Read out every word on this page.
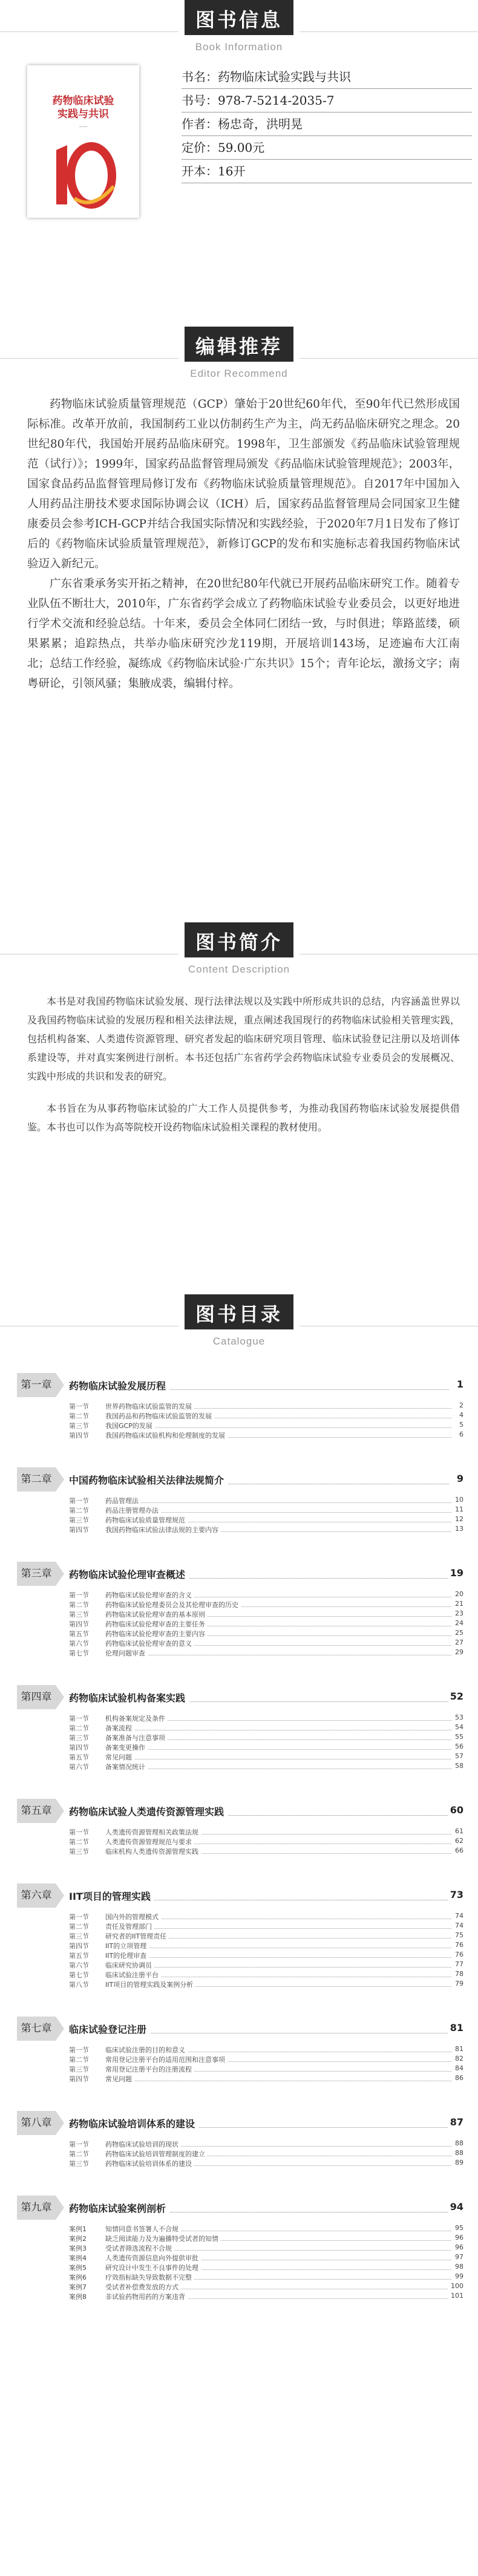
图书信息
Book Information
药物临床试验
实践与共识
——
书名：药物临床试验实践与共识
书号：978-7-5214-2035-7
作者：杨忠奇，洪明晃
定价：59.00元
开本：16开
编辑推荐
Editor Recommend

药物临床试验质量管理规范（GCP）肇始于20世纪60年代，至90年代已然形成国际标准。改革开放前，我国制药工业以仿制药生产为主，尚无药品临床研究之理念。20世纪80年代，我国始开展药品临床研究。1998年，卫生部颁发《药品临床试验管理规范（试行）》；1999年，国家药品监督管理局颁发《药品临床试验管理规范》；2003年，国家食品药品监督管理局修订发布《药物临床试验质量管理规范》。自2017年中国加入人用药品注册技术要求国际协调会议（ICH）后，国家药品监督管理局会同国家卫生健康委员会参考ICH-GCP并结合我国实际情况和实践经验，于2020年7月1日发布了修订后的《药物临床试验质量管理规范》，新修订GCP的发布和实施标志着我国药物临床试验迈入新纪元。

广东省秉承务实开拓之精神，在20世纪80年代就已开展药品临床研究工作。随着专业队伍不断壮大，2010年，广东省药学会成立了药物临床试验专业委员会，以更好地进行学术交流和经验总结。十年来，委员会全体同仁团结一致，与时俱进；筚路蓝缕，硕果累累；追踪热点，共举办临床研究沙龙119期，开展培训143场，足迹遍布大江南北；总结工作经验，凝练成《药物临床试验·广东共识》15个；青年论坛，激扬文字；南粤研论，引领风骚；集腋成裘，编辑付梓。

图书简介
Content Description

本书是对我国药物临床试验发展、现行法律法规以及实践中所形成共识的总结，内容涵盖世界以及我国药物临床试验的发展历程和相关法律法规，重点阐述我国现行的药物临床试验相关管理实践，包括机构备案、人类遗传资源管理、研究者发起的临床研究项目管理、临床试验登记注册以及培训体系建设等，并对真实案例进行剖析。本书还包括广东省药学会药物临床试验专业委员会的发展概况、实践中形成的共识和发表的研究。

本书旨在为从事药物临床试验的广大工作人员提供参考，为推动我国药物临床试验发展提供借鉴。本书也可以作为高等院校开设药物临床试验相关课程的教材使用。

图书目录
Catalogue
第一章	药物临床试验发展历程	1
第一节 世界药物临床试验监管的发展	2
第二节 我国药品和药物临床试验监管的发展	4
第三节 我国GCP的发展	5
第四节 我国药物临床试验机构和伦理制度的发展	6
第二章	中国药物临床试验相关法律法规简介	9
第一节 药品管理法	10
第二节 药品注册管理办法	11
第三节 药物临床试验质量管理规范	12
第四节 我国药物临床试验法律法规的主要内容	13
第三章	药物临床试验伦理审查概述	19
第一节 药物临床试验伦理审查的含义	20
第二节 药物临床试验伦理委员会及其伦理审查的历史	21
第三节 药物临床试验伦理审查的基本原则	23
第四节 药物临床试验伦理审查的主要任务	24
第五节 药物临床试验伦理审查的主要内容	25
第六节 药物临床试验伦理审查的意义	27
第七节 伦理问题审查	29
第四章	药物临床试验机构备案实践	52
第一节 机构备案规定及条件	53
第二节 备案流程	54
第三节 备案准备与注意事项	55
第四节 备案变更操作	56
第五节 常见问题	57
第六节 备案情况统计	58
第五章	药物临床试验人类遗传资源管理实践	60
第一节 人类遗传资源管理相关政策法规	61
第二节 人类遗传资源管理规范与要求	62
第三节 临床机构人类遗传资源管理实践	66
第六章	IIT项目的管理实践	73
第一节 国内外的管理模式	74
第二节 责任及管理部门	74
第三节 研究者的IIT管理责任	75
第四节 IIT的立项管理	76
第五节 IIT的伦理审查	76
第六节 临床研究协调员	77
第七节 临床试验注册平台	78
第八节 IIT项目的管理实践及案例分析	79
第七章	临床试验登记注册	81
第一节 临床试验注册的目的和意义	81
第二节 常用登记注册平台的适用范围和注意事项	82
第三节 常用登记注册平台的注册流程	84
第四节 常见问题	86
第八章	药物临床试验培训体系的建设	87
第一节 药物临床试验培训的现状	88
第二节 药物临床试验培训管理制度的建立	88
第三节 药物临床试验培训体系的建设	89
第九章	药物临床试验案例剖析	94
案例1	知情同意书签署人不合规	95
案例2	缺乏阅读能力及为遍播特受试者的知情	96
案例3	受试者筛选流程不合规	96
案例4	人类遗传资源信息向外提供审批	97
案例5	研究设计中发生不良事件的处理	98
案例6	疗效指标缺失导致数据不完整	99
案例7	受试者补偿费发放的方式	100
案例8	非试验药物用药的方案违背	101
